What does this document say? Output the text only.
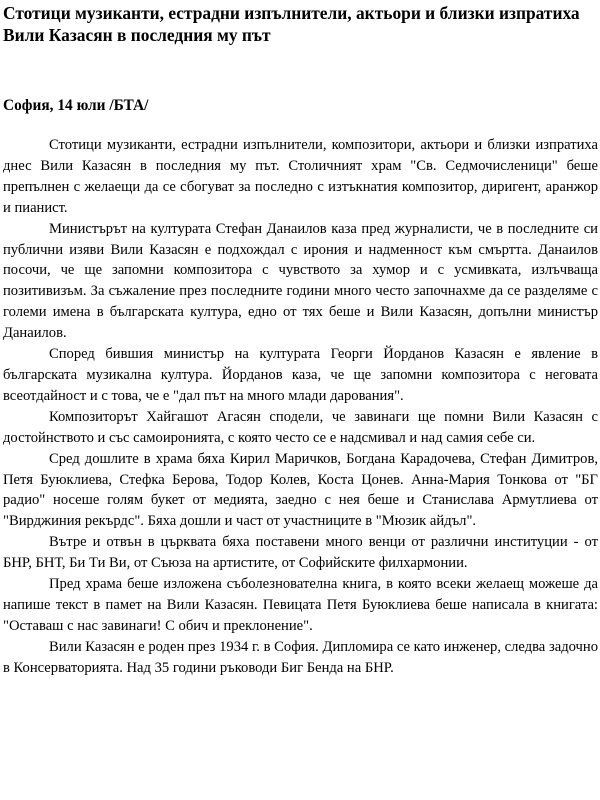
Стотици музиканти, естрадни изпълнители, актьори и близки изпратиха Вили Казасян в последния му път
София, 14 юли /БТА/

Стотици музиканти, естрадни изпълнители, композитори, актьори и близки изпратиха днес Вили Казасян в последния му път. Столичният храм "Св. Седмочисленици" беше препълнен с желаещи да се сбогуват за последно с изтъкнатия композитор, диригент, аранжор и пианист.

Министърът на културата Стефан Данаилов каза пред журналисти, че в последните си публични изяви Вили Казасян е подхождал с ирония и надменност към смъртта. Данаилов посочи, че ще запомни композитора с чувството за хумор и с усмивката, излъчваща позитивизъм. За съжаление през последните години много често започнахме да се разделяме с големи имена в българската култура, едно от тях беше и Вили Казасян, допълни министър Данаилов.

Според бившия министър на културата Георги Йорданов Казасян е явление в българската музикална култура. Йорданов каза, че ще запомни композитора с неговата всеотдайност и с това, че е "дал път на много млади дарования".

Композиторът Хайгашот Агасян сподели, че завинаги ще помни Вили Казасян с достойнството и със самоиронията, с която често се е надсмивал и над самия себе си.

Сред дошлите в храма бяха Кирил Маричков, Богдана Карадочева, Стефан Димитров, Петя Буюклиева, Стефка Берова, Тодор Колев, Коста Цонев. Анна-Мария Тонкова от "БГ радио" носеше голям букет от медията, заедно с нея беше и Станислава Армутлиева от "Вирджиния рекърдс". Бяха дошли и част от участниците в "Мюзик айдъл".

Вътре и отвън в църквата бяха поставени много венци от различни институции - от БНР, БНТ, Би Ти Ви, от Съюза на артистите, от Софийските филхармонии.

Пред храма беше изложена съболезнователна книга, в която всеки желаещ можеше да напише текст в памет на Вили Казасян. Певицата Петя Буюклиева беше написала в книгата: "Оставаш с нас завинаги! С обич и преклонение".

Вили Казасян е роден през 1934 г. в София. Дипломира се като инженер, следва задочно в Консерваторията. Над 35 години ръководи Биг Бенда на БНР.
